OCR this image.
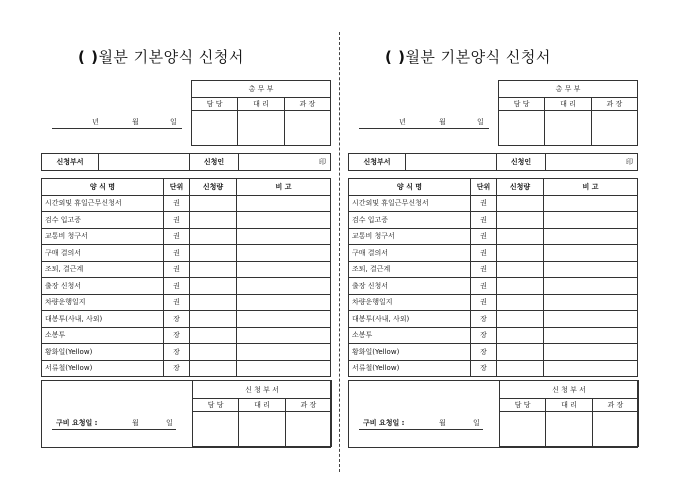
( )월분 기본양식 신청서
총 무 부		
담 당	대 리	과 장

년	월	일
신청부서		신청인	印
양 식 명	단위	신청량	비 고
시간외및 휴일근무신청서	권		
검수 입고증	권		
교통비 청구서	권		
구매 결의서	권		
조퇴, 결근계	권		
출장 신청서	권		
차량운행일지	권		
대봉투(사내, 사외)	장		
소봉투	장		
황화일(Yellow)	장		
서류철(Yellow)	장		
신 청 부 서		
담 당	대 리	과 장

구비 요청일 :	월	일
( )월분 기본양식 신청서
총 무 부		
담 당	대 리	과 장

년	월	일
신청부서		신청인	印
양 식 명	단위	신청량	비 고
시간외및 휴일근무신청서	권		
검수 입고증	권		
교통비 청구서	권		
구매 결의서	권		
조퇴, 결근계	권		
출장 신청서	권		
차량운행일지	권		
대봉투(사내, 사외)	장		
소봉투	장		
황화일(Yellow)	장		
서류철(Yellow)	장		
신 청 부 서		
담 당	대 리	과 장

구비 요청일 :	월	일
